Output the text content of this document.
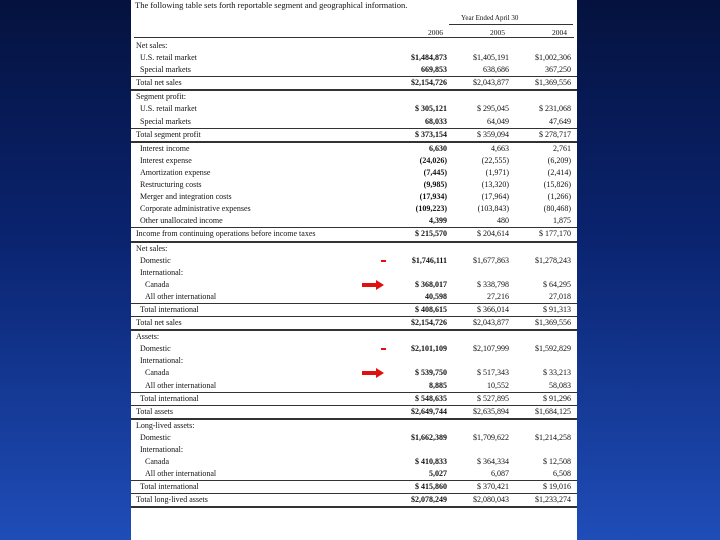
The following table sets forth reportable segment and geographical information.
Year Ended April 30
2006	2005	2004
Net sales:
U.S. retail market	$1,484,873	$1,405,191	$1,002,306
Special markets	669,853	638,686	367,250
Total net sales	$2,154,726	$2,043,877	$1,369,556
Segment profit:
U.S. retail market	$ 305,121	$ 295,045	$ 231,068
Special markets	68,033	64,049	47,649
Total segment profit	$ 373,154	$ 359,094	$ 278,717
Interest income	6,630	4,663	2,761
Interest expense	(24,026)	(22,555)	(6,209)
Amortization expense	(7,445)	(1,971)	(2,414)
Restructuring costs	(9,985)	(13,320)	(15,826)
Merger and integration costs	(17,934)	(17,964)	(1,266)
Corporate administrative expenses	(109,223)	(103,843)	(80,468)
Other unallocated income	4,399	480	1,875
Income from continuing operations before income taxes	$ 215,570	$ 204,614	$ 177,170
Net sales:
Domestic	$1,746,111	$1,677,863	$1,278,243
International:
Canada	$ 368,017	$ 338,798	$ 64,295
All other international	40,598	27,216	27,018
Total international	$ 408,615	$ 366,014	$ 91,313
Total net sales	$2,154,726	$2,043,877	$1,369,556
Assets:
Domestic	$2,101,109	$2,107,999	$1,592,829
International:
Canada	$ 539,750	$ 517,343	$ 33,213
All other international	8,885	10,552	58,083
Total international	$ 548,635	$ 527,895	$ 91,296
Total assets	$2,649,744	$2,635,894	$1,684,125
Long-lived assets:
Domestic	$1,662,389	$1,709,622	$1,214,258
International:
Canada	$ 410,833	$ 364,334	$ 12,508
All other international	5,027	6,087	6,508
Total international	$ 415,860	$ 370,421	$ 19,016
Total long-lived assets	$2,078,249	$2,080,043	$1,233,274
